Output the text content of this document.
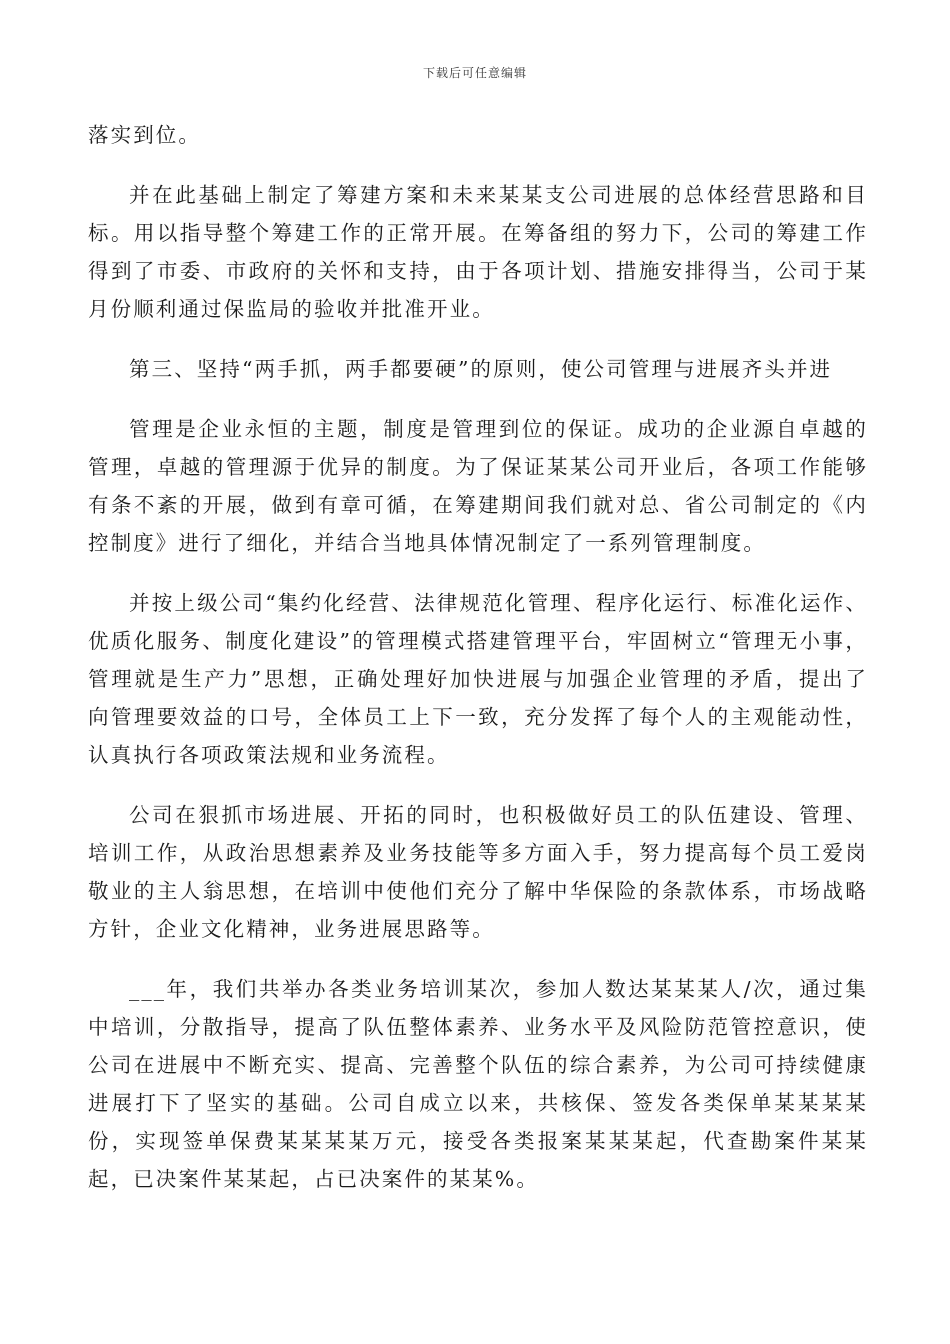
下载后可任意编辑

落实到位。

并在此基础上制定了筹建方案和未来某某支公司进展的总体经营思路和目标。用以指导整个筹建工作的正常开展。在筹备组的努力下，公司的筹建工作得到了市委、市政府的关怀和支持，由于各项计划、措施安排得当，公司于某月份顺利通过保监局的验收并批准开业。

第三、坚持“两手抓，两手都要硬”的原则，使公司管理与进展齐头并进

管理是企业永恒的主题，制度是管理到位的保证。成功的企业源自卓越的管理，卓越的管理源于优异的制度。为了保证某某公司开业后，各项工作能够有条不紊的开展，做到有章可循，在筹建期间我们就对总、省公司制定的《内控制度》进行了细化，并结合当地具体情况制定了一系列管理制度。

并按上级公司“集约化经营、法律规范化管理、程序化运行、标准化运作、优质化服务、制度化建设”的管理模式搭建管理平台，牢固树立“管理无小事，管理就是生产力”思想，正确处理好加快进展与加强企业管理的矛盾，提出了向管理要效益的口号，全体员工上下一致，充分发挥了每个人的主观能动性，认真执行各项政策法规和业务流程。

公司在狠抓市场进展、开拓的同时，也积极做好员工的队伍建设、管理、培训工作，从政治思想素养及业务技能等多方面入手，努力提高每个员工爱岗敬业的主人翁思想，在培训中使他们充分了解中华保险的条款体系，市场战略方针，企业文化精神，业务进展思路等。

___年，我们共举办各类业务培训某次，参加人数达某某某人/次，通过集中培训，分散指导，提高了队伍整体素养、业务水平及风险防范管控意识，使公司在进展中不断充实、提高、完善整个队伍的综合素养，为公司可持续健康进展打下了坚实的基础。公司自成立以来，共核保、签发各类保单某某某某份，实现签单保费某某某某万元，接受各类报案某某某起，代查勘案件某某起，已决案件某某起，占已决案件的某某%。
